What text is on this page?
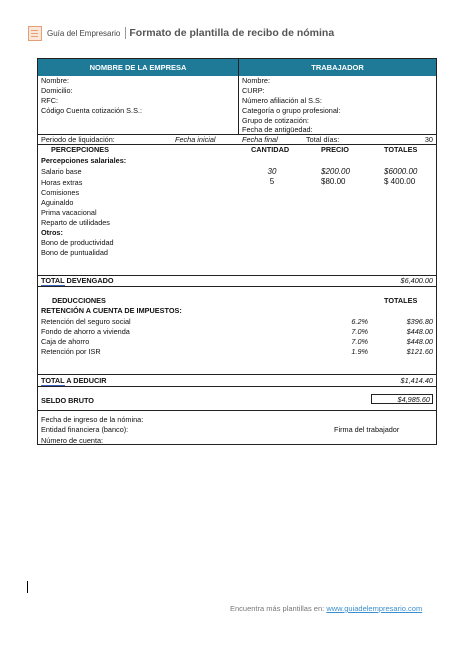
Guía del Empresario Formato de plantilla de recibo de nómina
NOMBRE DE LA EMPRESA	TRABAJADOR
Nombre:
Domicilio:
RFC:
Código Cuenta cotización S.S.:
Nombre:
CURP:
Número afiliación al S.S:
Categoría o grupo profesional:
Grupo de cotización:
Fecha de antigüedad:
Periodo de liquidación:	Fecha inicial	Fecha final	Total días:	30
PERCEPCIONES	CANTIDAD	PRECIO	TOTALES
Percepciones salariales:
Salario base	30	$200.00	$6000.00
Horas extras	5	$80.00	$ 400.00
Comisiones
Aguinaldo
Prima vacacional
Reparto de utilidades
Otros:
Bono de productividad
Bono de puntualidad
TOTAL DEVENGADO	$6,400.00
DEDUCCIONES	TOTALES
RETENCIÓN A CUENTA DE IMPUESTOS:
Retención del seguro social	6.2%	$396.80
Fondo de ahorro a vivienda	7.0%	$448.00
Caja de ahorro	7.0%	$448.00
Retención por ISR	1.9%	$121.60
TOTAL A DEDUCIR	$1,414.40
SELDO BRUTO	$4,985.60
Fecha de ingreso de la nómina:
Entidad financiera (banco):
Número de cuenta:
Firma del trabajador
Encuentra más plantillas en: www.guiadelempresario.com
